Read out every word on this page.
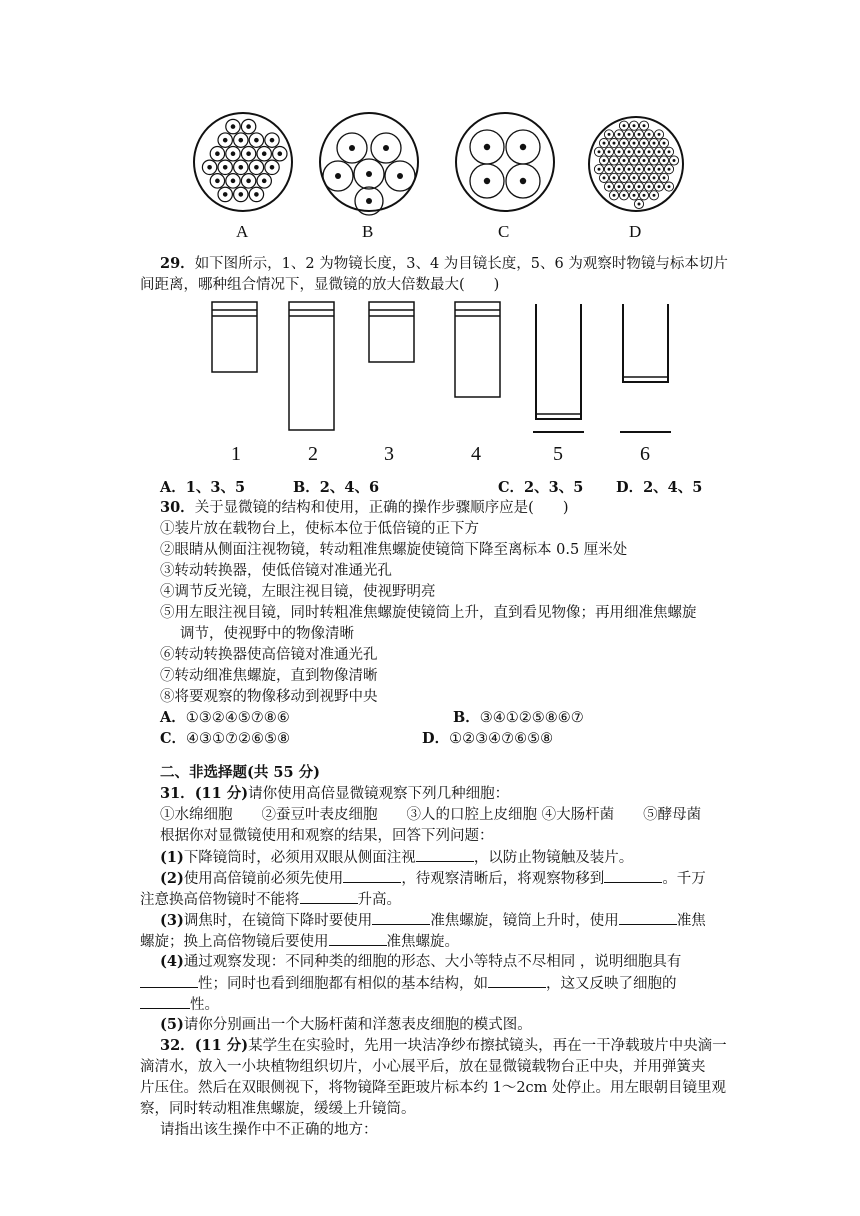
A	B	C	D
29．如下图所示，1、2 为物镜长度，3、4 为目镜长度，5、6 为观察时物镜与标本切片
间距离，哪种组合情况下，显微镜的放大倍数最大(　　)
1	2	3	4	5	6
A．1、3、5	B．2、4、6	C．2、3、5 D．2、4、5
30．关于显微镜的结构和使用，正确的操作步骤顺序应是(　　)
①装片放在载物台上，使标本位于低倍镜的正下方
②眼睛从侧面注视物镜，转动粗准焦螺旋使镜筒下降至离标本 0.5 厘米处
③转动转换器，使低倍镜对准通光孔
④调节反光镜，左眼注视目镜，使视野明亮
⑤用左眼注视目镜，同时转粗准焦螺旋使镜筒上升，直到看见物像；再用细准焦螺旋
调节，使视野中的物像清晰
⑥转动转换器使高倍镜对准通光孔
⑦转动细准焦螺旋，直到物像清晰
⑧将要观察的物像移动到视野中央
A．①③②④⑤⑦⑧⑥	B．③④①②⑤⑧⑥⑦
C．④③①⑦②⑥⑤⑧	D．①②③④⑦⑥⑤⑧
二、非选择题(共 55 分)
31．(11 分)请你使用高倍显微镜观察下列几种细胞：
①水绵细胞　　②蚕豆叶表皮细胞　　③人的口腔上皮细胞 ④大肠杆菌　　⑤酵母菌
根据你对显微镜使用和观察的结果，回答下列问题：
(1)下降镜筒时，必须用双眼从侧面注视	，以防止物镜触及装片。
(2)使用高倍镜前必须先使用	，待观察清晰后，将观察物移到	。千万
注意换高倍物镜时不能将	升高。
(3)调焦时，在镜筒下降时要使用	准焦螺旋，镜筒上升时，使用	准焦
螺旋；换上高倍物镜后要使用	准焦螺旋。
(4)通过观察发现：不同种类的细胞的形态、大小等特点不尽相同 ，说明细胞具有
性；同时也看到细胞都有相似的基本结构，如	，这又反映了细胞的
性。
(5)请你分别画出一个大肠杆菌和洋葱表皮细胞的模式图。
32．(11 分)某学生在实验时，先用一块洁净纱布擦拭镜头，再在一干净载玻片中央滴一
滴清水，放入一小块植物组织切片，小心展平后，放在显微镜载物台正中央，并用弹簧夹
片压住。然后在双眼侧视下，将物镜降至距玻片标本约 1～2cm 处停止。用左眼朝目镜里观
察，同时转动粗准焦螺旋，缓缓上升镜筒。
请指出该生操作中不正确的地方：
